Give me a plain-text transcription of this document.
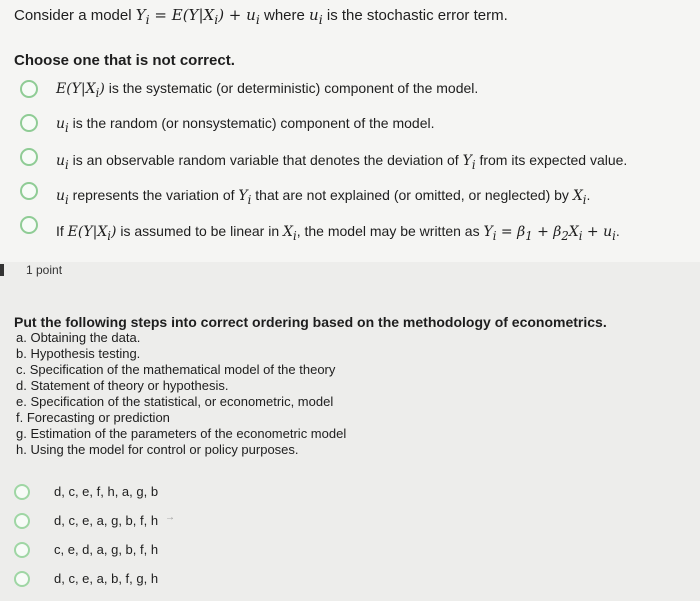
Consider a model $Y_i = E(Y|X_i) + u_i$ where $u_i$ is the stochastic error term.
Choose one that is not correct.
$E(Y|X_i)$ is the systematic (or deterministic) component of the model.
$u_i$ is the random (or nonsystematic) component of the model.
$u_i$ is an observable random variable that denotes the deviation of $Y_i$ from its expected value.
$u_i$ represents the variation of $Y_i$ that are not explained (or omitted, or neglected) by $X_i$.
If $E(Y|X_i)$ is assumed to be linear in $X_i$, the model may be written as $Y_i = \beta_1 + \beta_2X_i + u_i$.
1 point
Put the following steps into correct ordering based on the methodology of econometrics.
a. Obtaining the data.
b. Hypothesis testing.
c. Specification of the mathematical model of the theory
d. Statement of theory or hypothesis.
e. Specification of the statistical, or econometric, model
f. Forecasting or prediction
g. Estimation of the parameters of the econometric model
h. Using the model for control or policy purposes.
d, c, e, f, h, a, g, b
d, c, e, a, g, b, f, h →
c, e, d, a, g, b, f, h
d, c, e, a, b, f, g, h
